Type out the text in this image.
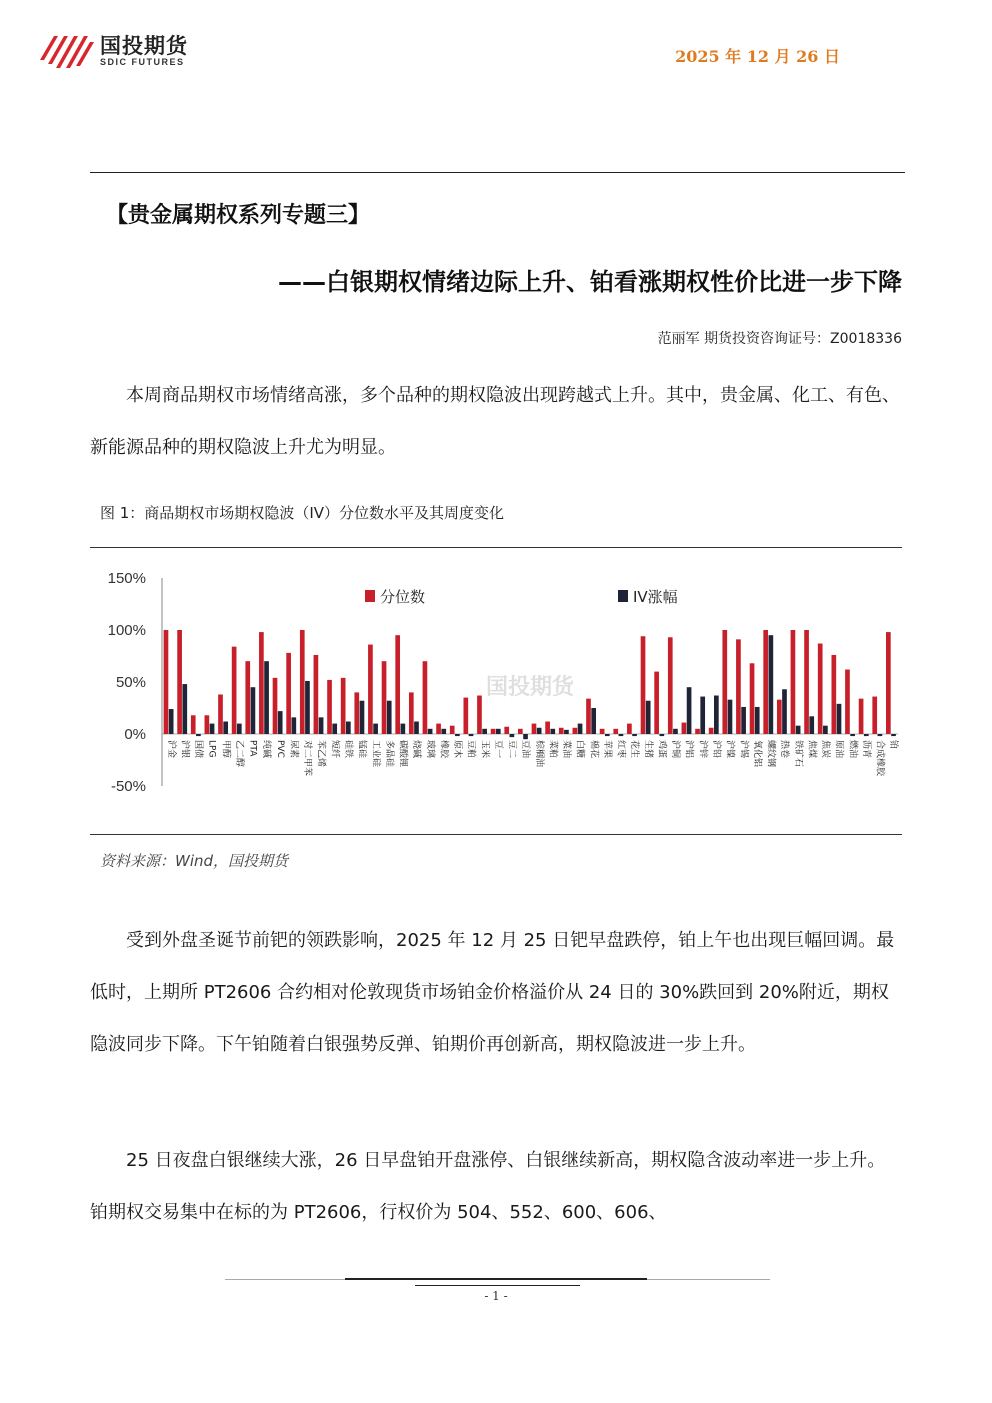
国投期货
SDIC FUTURES	2025 年 12 月 26 日
【贵金属期权系列专题三】
——白银期权情绪边际上升、铂看涨期权性价比进一步下降
范丽军 期货投资咨询证号：Z0018336
本周商品期权市场情绪高涨，多个品种的期权隐波出现跨越式上升。其中，贵金属、化工、有色、新能源品种的期权隐波上升尤为明显。
图 1：商品期权市场期权隐波（IV）分位数水平及其周度变化
国投期货
150%
100%
50%
0%
-50%
沪金 沪银 国债 LPG 甲醇 乙二醇 PTA 纯碱 PVC 尿素 对二甲苯 苯乙烯 短纤 硅铁 锰硅 工业硅 多晶硅 碳酸锂 烧碱 玻璃 橡胶 原木 豆粕 玉米 豆一 豆二 豆油 棕榈油 菜粕 菜油 白糖 棉花 苹果 红枣 花生 生猪 鸡蛋 沪铜 沪铝 沪锌 沪铅 沪镍 沪锡 氧化铝 螺纹钢 热卷 铁矿石 焦煤 焦炭 原油 燃油 沥青 合成橡胶 铂
分位数	IV涨幅
资料来源：Wind，国投期货
受到外盘圣诞节前钯的领跌影响，2025 年 12 月 25 日钯早盘跌停，铂上午也出现巨幅回调。最低时，上期所 PT2606 合约相对伦敦现货市场铂金价格溢价从 24 日的 30%跌回到 20%附近，期权隐波同步下降。下午铂随着白银强势反弹、铂期价再创新高，期权隐波进一步上升。
25 日夜盘白银继续大涨，26 日早盘铂开盘涨停、白银继续新高，期权隐含波动率进一步上升。铂期权交易集中在标的为 PT2606，行权价为 504、552、600、606、
- 1 -
